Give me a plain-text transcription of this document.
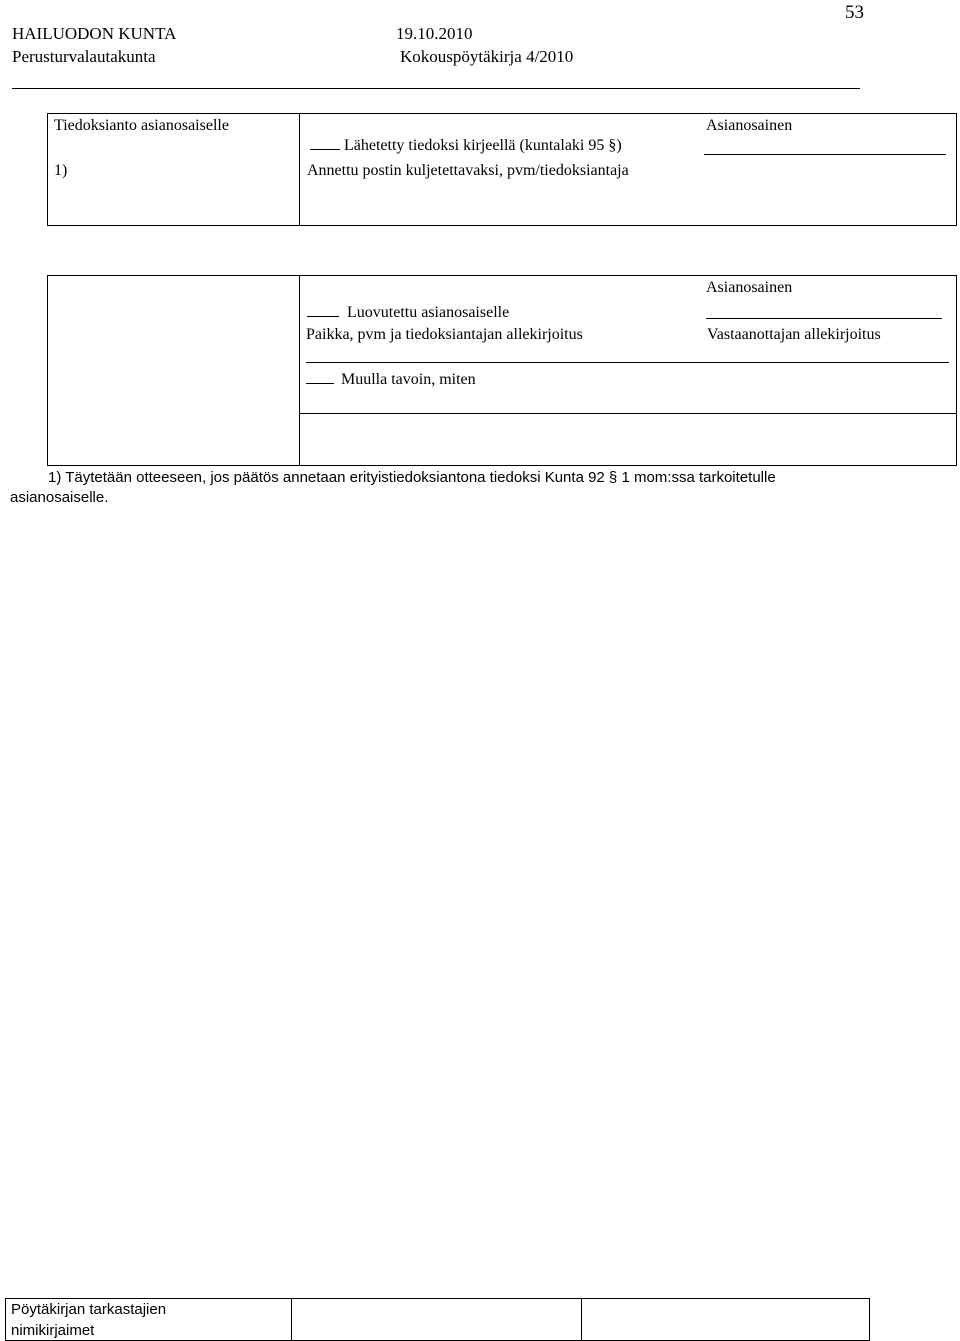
53
HAILUODON KUNTA	19.10.2010
Perusturvalautakunta	Kokouspöytäkirja 4/2010
Tiedoksianto asianosaiselle
1)
Asianosainen
Lähetetty tiedoksi kirjeellä (kuntalaki 95 §)
Annettu postin kuljetettavaksi, pvm/tiedoksiantaja
Asianosainen
Luovutettu asianosaiselle
Paikka, pvm ja tiedoksiantajan allekirjoitus	Vastaanottajan allekirjoitus
Muulla tavoin, miten
1) Täytetään otteeseen, jos päätös annetaan erityistiedoksiantona tiedoksi Kunta 92 § 1 mom:ssa tarkoitetulle
asianosaiselle.
Pöytäkirjan tarkastajien
nimikirjaimet
